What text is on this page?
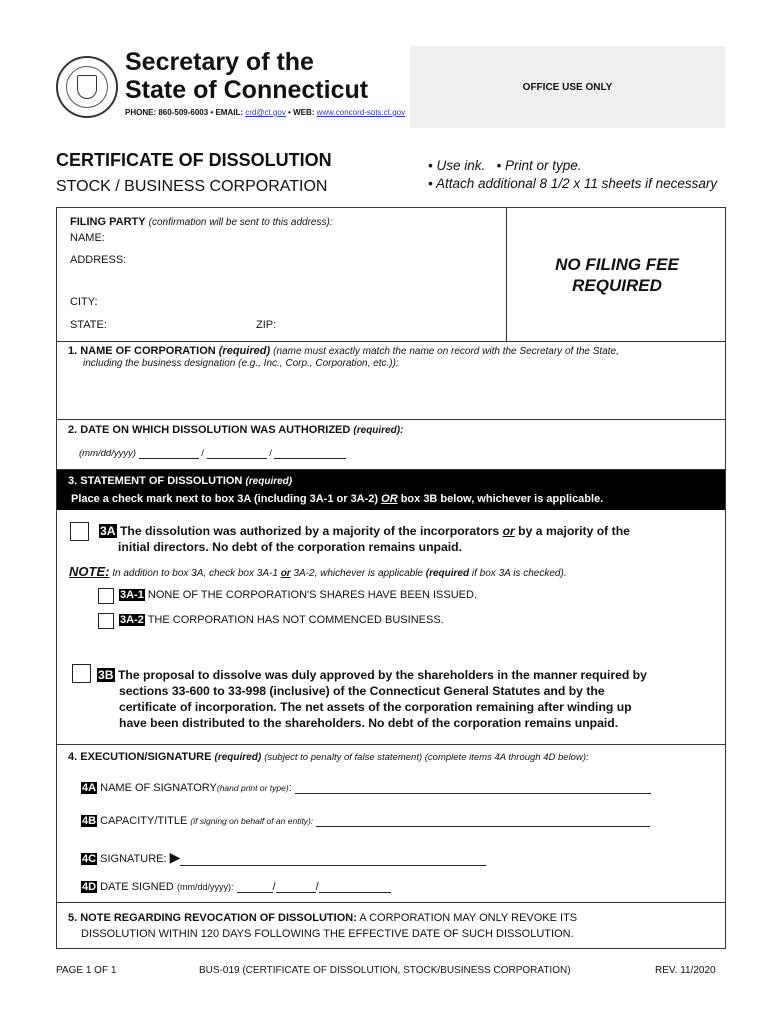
Secretary of the
State of Connecticut
PHONE: 860-509-6003 • EMAIL: crd@ct.gov • WEB: www.concord-sots.ct.gov
OFFICE USE ONLY
CERTIFICATE OF DISSOLUTION
STOCK / BUSINESS CORPORATION
• Use ink. • Print or type.
• Attach additional 8 1/2 x 11 sheets if necessary
FILING PARTY (confirmation will be sent to this address):
NAME:
ADDRESS:
CITY:
STATE:	ZIP:
NO FILING FEE
REQUIRED
1. NAME OF CORPORATION (required) (name must exactly match the name on record with the Secretary of the State,
including the business designation (e.g., Inc., Corp., Corporation, etc.)):
2. DATE ON WHICH DISSOLUTION WAS AUTHORIZED (required):
(mm/dd/yyyy)	/	/
3. STATEMENT OF DISSOLUTION (required)
Place a check mark next to box 3A (including 3A-1 or 3A-2) OR box 3B below, whichever is applicable.
3A The dissolution was authorized by a majority of the incorporators or by a majority of the
initial directors. No debt of the corporation remains unpaid.
NOTE: In addition to box 3A, check box 3A-1 or 3A-2, whichever is applicable (required if box 3A is checked).
3A-1 NONE OF THE CORPORATION'S SHARES HAVE BEEN ISSUED.
3A-2 THE CORPORATION HAS NOT COMMENCED BUSINESS.
3B The proposal to dissolve was duly approved by the shareholders in the manner required by
sections 33-600 to 33-998 (inclusive) of the Connecticut General Statutes and by the
certificate of incorporation. The net assets of the corporation remaining after winding up
have been distributed to the shareholders. No debt of the corporation remains unpaid.
4. EXECUTION/SIGNATURE (required) (subject to penalty of false statement) (complete items 4A through 4D below):
4A NAME OF SIGNATORY(hand print or type):
4B CAPACITY/TITLE (if signing on behalf of an entity):
4C SIGNATURE: ▶
4D DATE SIGNED (mm/dd/yyyy):	/	/
5. NOTE REGARDING REVOCATION OF DISSOLUTION: A CORPORATION MAY ONLY REVOKE ITS
DISSOLUTION WITHIN 120 DAYS FOLLOWING THE EFFECTIVE DATE OF SUCH DISSOLUTION.
PAGE 1 OF 1	BUS-019 (CERTIFICATE OF DISSOLUTION, STOCK/BUSINESS CORPORATION)	REV. 11/2020
